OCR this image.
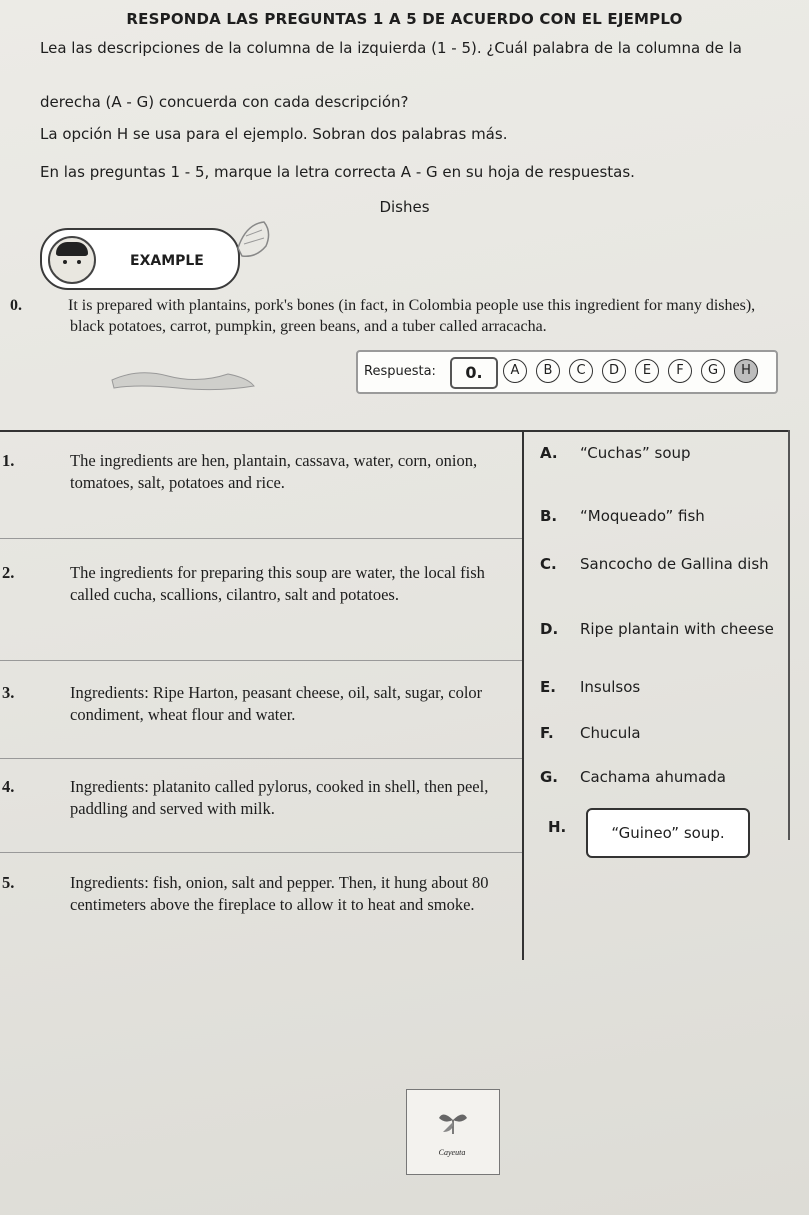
RESPONDA LAS PREGUNTAS 1 A 5 DE ACUERDO CON EL EJEMPLO
Lea las descripciones de la columna de la izquierda (1 - 5). ¿Cuál palabra de la columna de la
derecha (A - G) concuerda con cada descripción?
La opción H se usa para el ejemplo. Sobran dos palabras más.
En las preguntas 1 - 5, marque la letra correcta A - G en su hoja de respuestas.
Dishes
EXAMPLE
0.	It is prepared with plantains, pork's bones (in fact, in Colombia people use this ingredient for many dishes), black potatoes, carrot, pumpkin, green beans, and a tuber called arracacha.
Respuesta:	0.	A	B	C	D	E	F	G	H
1.	The ingredients are hen, plantain, cassava, water, corn, onion, tomatoes, salt, potatoes and rice.
2.	The ingredients for preparing this soup are water, the local fish called cucha, scallions, cilantro, salt and potatoes.
3.	Ingredients: Ripe Harton, peasant cheese, oil, salt, sugar, color condiment, wheat flour and water.
4.	Ingredients: platanito called pylorus, cooked in shell, then peel, paddling and served with milk.
5.	Ingredients: fish, onion, salt and pepper. Then, it hung about 80 centimeters above the fireplace to allow it to heat and smoke.
A. “Cuchas” soup
B. “Moqueado” fish
C. Sancocho de Gallina dish
D. Ripe plantain with cheese
E. Insulsos
F. Chucula
G. Cachama ahumada
H.	“Guineo” soup.
Cayeuta
